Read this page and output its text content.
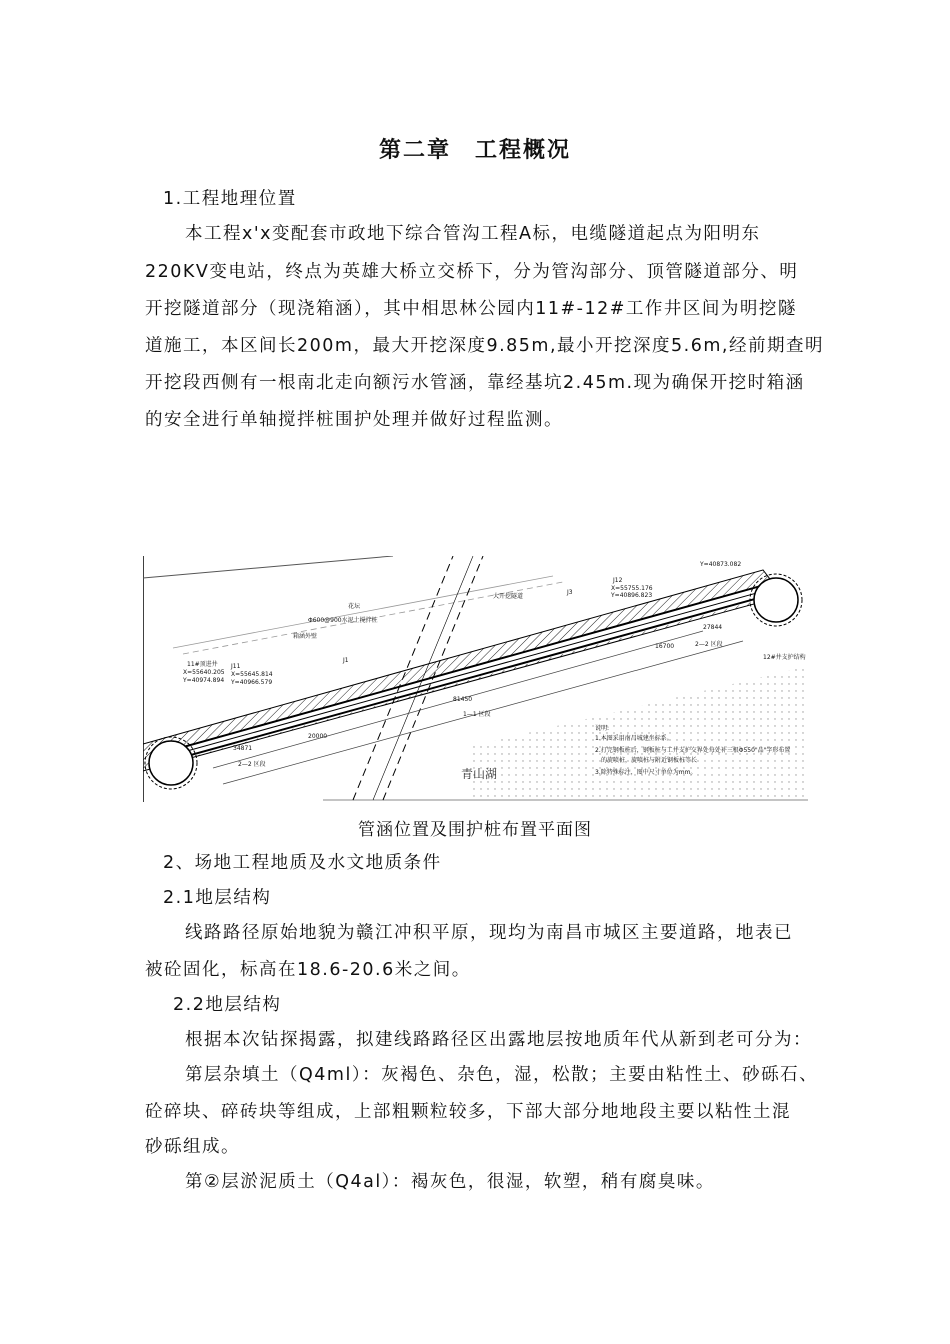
第二章　工程概况
1.工程地理位置
本工程x'x变配套市政地下综合管沟工程A标，电缆隧道起点为阳明东
220KV变电站，终点为英雄大桥立交桥下，分为管沟部分、顶管隧道部分、明
开挖隧道部分（现浇箱涵），其中相思林公园内11#-12#工作井区间为明挖隧
道施工，本区间长200m，最大开挖深度9.85m,最小开挖深度5.6m,经前期查明
开挖段西侧有一根南北走向额污水管涵，靠经基坑2.45m.现为确保开挖时箱涵
的安全进行单轴搅拌桩围护处理并做好过程监测。
11#顶进井
X=55640.205
Y=40974.894
J11
X=55645.814
Y=40966.579
J12
X=55755.176
Y=40896.823
Y=40873.082
Φ600@900水泥土搅拌桩
箱涵外壁
大开挖隧道
J1
J3
1—1 区段
2—2 区段
2—2 区段
81450
20000
34871
16700
27844
花坛
12#井支护结构
说明:
1.本图采用南昌城建坐标系。
2.打完钢板桩后，钢板桩与工井支护交界处每处补三根Φ550"品"字形布置
的旋喷桩，旋喷桩与附近钢板桩等长
3.除特殊标注，图中尺寸单位为mm。
青山湖
管涵位置及围护桩布置平面图
2、场地工程地质及水文地质条件
2.1地层结构
线路路径原始地貌为赣江冲积平原，现均为南昌市城区主要道路，地表已
被砼固化，标高在18.6-20.6米之间。
2.2地层结构
根据本次钻探揭露，拟建线路路径区出露地层按地质年代从新到老可分为：
第层杂填土（Q4ml）：灰褐色、杂色，湿，松散；主要由粘性土、砂砾石、
砼碎块、碎砖块等组成，上部粗颗粒较多，下部大部分地地段主要以粘性土混
砂砾组成。
第②层淤泥质土（Q4al）：褐灰色，很湿，软塑，稍有腐臭味。
